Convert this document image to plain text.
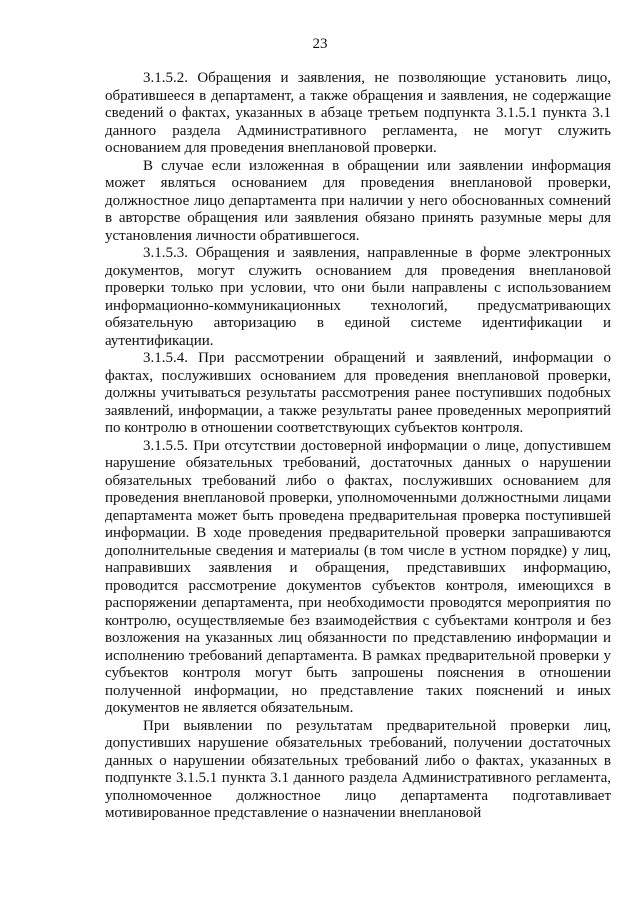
23

3.1.5.2. Обращения и заявления, не позволяющие установить лицо, обратившееся в департамент, а также обращения и заявления, не содержащие сведений о фактах, указанных в абзаце третьем подпункта 3.1.5.1 пункта 3.1 данного раздела Административного регламента, не могут служить основанием для проведения внеплановой проверки.

В случае если изложенная в обращении или заявлении информация может являться основанием для проведения внеплановой проверки, должностное лицо департамента при наличии у него обоснованных сомнений в авторстве обращения или заявления обязано принять разумные меры для установления личности обратившегося.

3.1.5.3. Обращения и заявления, направленные в форме электронных документов, могут служить основанием для проведения внеплановой проверки только при условии, что они были направлены с использованием информационно-коммуникационных технологий, предусматривающих обязательную авторизацию в единой системе идентификации и аутентификации.

3.1.5.4. При рассмотрении обращений и заявлений, информации о фактах, послуживших основанием для проведения внеплановой проверки, должны учитываться результаты рассмотрения ранее поступивших подобных заявлений, информации, а также результаты ранее проведенных мероприятий по контролю в отношении соответствующих субъектов контроля.

3.1.5.5. При отсутствии достоверной информации о лице, допустившем нарушение обязательных требований, достаточных данных о нарушении обязательных требований либо о фактах, послуживших основанием для проведения внеплановой проверки, уполномоченными должностными лицами департамента может быть проведена предварительная проверка поступившей информации. В ходе проведения предварительной проверки запрашиваются дополнительные сведения и материалы (в том числе в устном порядке) у лиц, направивших заявления и обращения, представивших информацию, проводится рассмотрение документов субъектов контроля, имеющихся в распоряжении департамента, при необходимости проводятся мероприятия по контролю, осуществляемые без взаимодействия с субъектами контроля и без возложения на указанных лиц обязанности по представлению информации и исполнению требований департамента. В рамках предварительной проверки у субъектов контроля могут быть запрошены пояснения в отношении полученной информации, но представление таких пояснений и иных документов не является обязательным.

При выявлении по результатам предварительной проверки лиц, допустивших нарушение обязательных требований, получении достаточных данных о нарушении обязательных требований либо о фактах, указанных в подпункте 3.1.5.1 пункта 3.1 данного раздела Административного регламента, уполномоченное должностное лицо департамента подготавливает мотивированное представление о назначении внеплановой
